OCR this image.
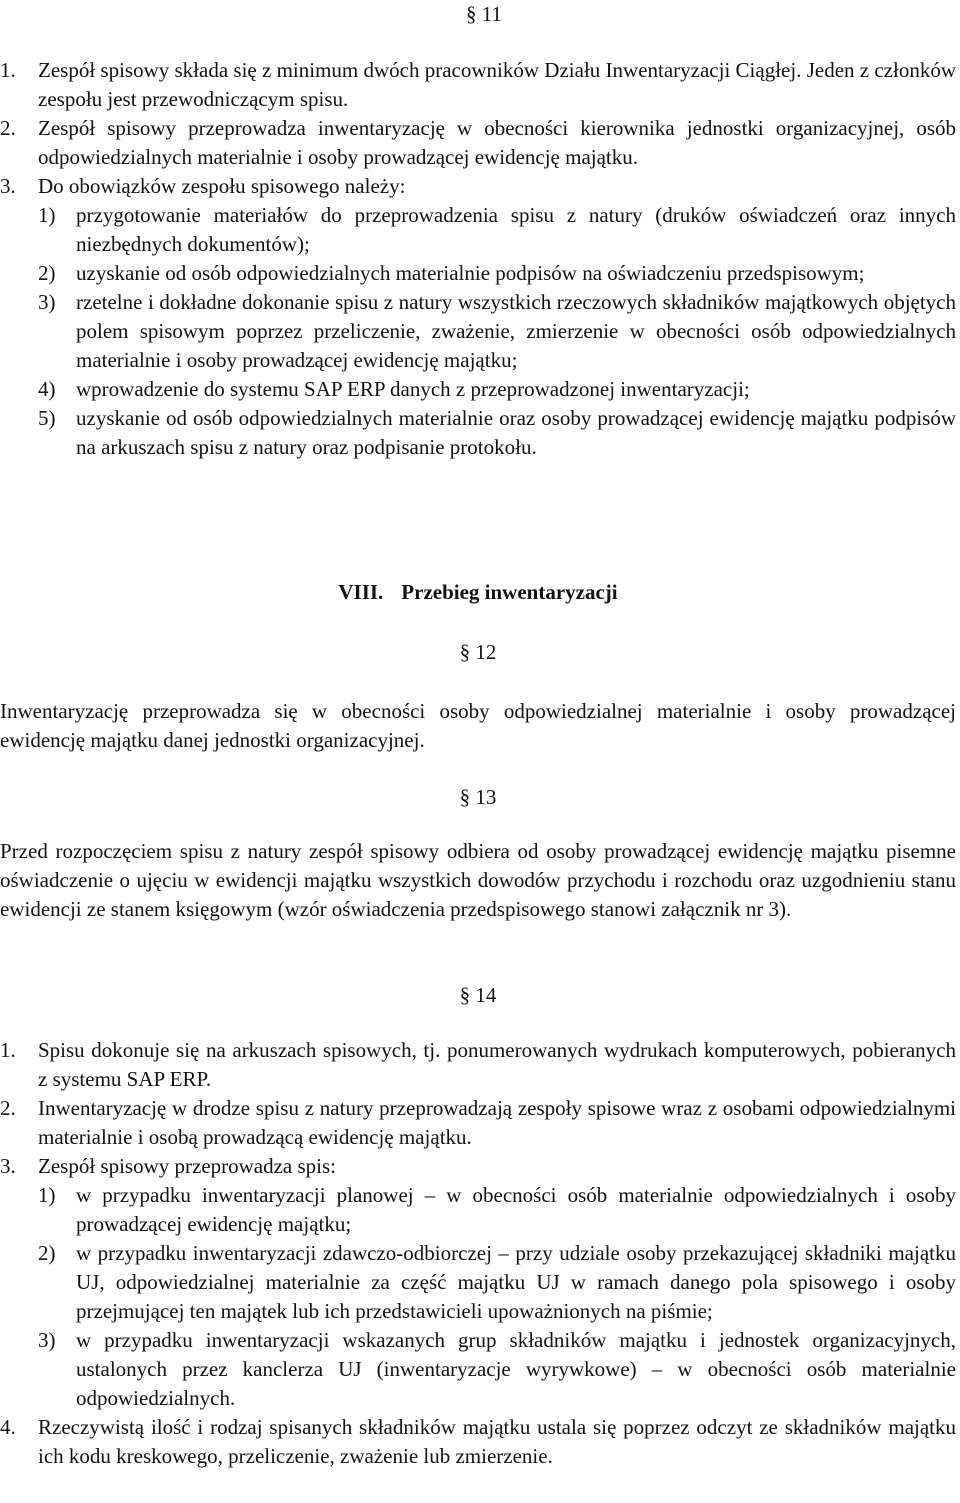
§ 11

1. Zespół spisowy składa się z minimum dwóch pracowników Działu Inwentaryzacji Ciągłej. Jeden z członków zespołu jest przewodniczącym spisu.
2. Zespół spisowy przeprowadza inwentaryzację w obecności kierownika jednostki organizacyjnej, osób odpowiedzialnych materialnie i osoby prowadzącej ewidencję majątku.
3. Do obowiązków zespołu spisowego należy:
1) przygotowanie materiałów do przeprowadzenia spisu z natury (druków oświadczeń oraz innych niezbędnych dokumentów);
2) uzyskanie od osób odpowiedzialnych materialnie podpisów na oświadczeniu przedspisowym;
3) rzetelne i dokładne dokonanie spisu z natury wszystkich rzeczowych składników majątkowych objętych polem spisowym poprzez przeliczenie, zważenie, zmierzenie w obecności osób odpowiedzialnych materialnie i osoby prowadzącej ewidencję majątku;
4) wprowadzenie do systemu SAP ERP danych z przeprowadzonej inwentaryzacji;
5) uzyskanie od osób odpowiedzialnych materialnie oraz osoby prowadzącej ewidencję majątku podpisów na arkuszach spisu z natury oraz podpisanie protokołu.

VIII. Przebieg inwentaryzacji

§ 12

Inwentaryzację przeprowadza się w obecności osoby odpowiedzialnej materialnie i osoby prowadzącej ewidencję majątku danej jednostki organizacyjnej.

§ 13

Przed rozpoczęciem spisu z natury zespół spisowy odbiera od osoby prowadzącej ewidencję majątku pisemne oświadczenie o ujęciu w ewidencji majątku wszystkich dowodów przychodu i rozchodu oraz uzgodnieniu stanu ewidencji ze stanem księgowym (wzór oświadczenia przedspisowego stanowi załącznik nr 3).

§ 14

1. Spisu dokonuje się na arkuszach spisowych, tj. ponumerowanych wydrukach komputerowych, pobieranych z systemu SAP ERP.
2. Inwentaryzację w drodze spisu z natury przeprowadzają zespoły spisowe wraz z osobami odpowiedzialnymi materialnie i osobą prowadzącą ewidencję majątku.
3. Zespół spisowy przeprowadza spis:
1) w przypadku inwentaryzacji planowej – w obecności osób materialnie odpowiedzialnych i osoby prowadzącej ewidencję majątku;
2) w przypadku inwentaryzacji zdawczo-odbiorczej – przy udziale osoby przekazującej składniki majątku UJ, odpowiedzialnej materialnie za część majątku UJ w ramach danego pola spisowego i osoby przejmującej ten majątek lub ich przedstawicieli upoważnionych na piśmie;
3) w przypadku inwentaryzacji wskazanych grup składników majątku i jednostek organizacyjnych, ustalonych przez kanclerza UJ (inwentaryzacje wyrywkowe) – w obecności osób materialnie odpowiedzialnych.
4. Rzeczywistą ilość i rodzaj spisanych składników majątku ustala się poprzez odczyt ze składników majątku ich kodu kreskowego, przeliczenie, zważenie lub zmierzenie.
